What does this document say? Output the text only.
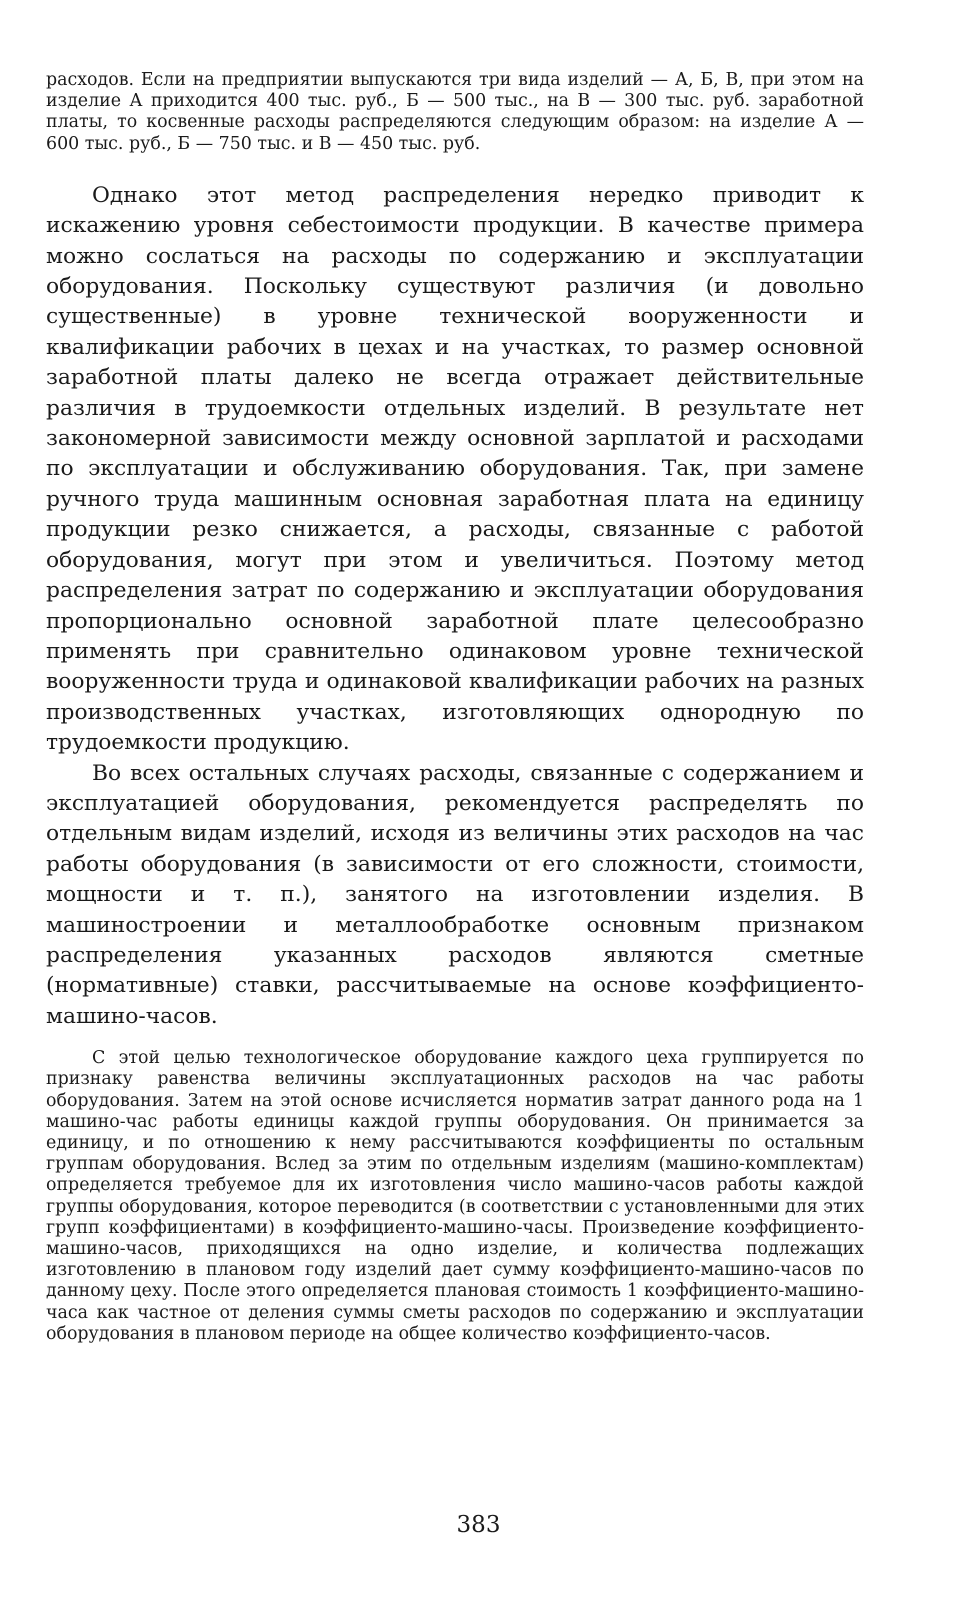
расходов. Если на предприятии выпускаются три вида изделий — А, Б, В, при этом на изделие А приходится 400 тыс. руб., Б — 500 тыс., на В — 300 тыс. руб. заработной платы, то косвенные расходы распределяются следующим образом: на изделие А — 600 тыс. руб., Б — 750 тыс. и В — 450 тыс. руб.

Однако этот метод распределения нередко приводит к искажению уровня себестоимости продукции. В качестве примера можно сослаться на расходы по содержанию и эксплуатации оборудования. Поскольку существуют различия (и довольно существенные) в уровне технической вооруженности и квалификации рабочих в цехах и на участках, то размер основной заработной платы далеко не всегда отражает действительные различия в трудоемкости отдельных изделий. В результате нет закономерной зависимости между основной зарплатой и расходами по эксплуатации и обслуживанию оборудования. Так, при замене ручного труда машинным основная заработная плата на единицу продукции резко снижается, а расходы, связанные с работой оборудования, могут при этом и увеличиться. Поэтому метод распределения затрат по содержанию и эксплуатации оборудования пропорционально основной заработной плате целесообразно применять при сравнительно одинаковом уровне технической вооруженности труда и одинаковой квалификации рабочих на разных производственных участках, изготовляющих однородную по трудоемкости продукцию.

Во всех остальных случаях расходы, связанные с содержанием и эксплуатацией оборудования, рекомендуется распределять по отдельным видам изделий, исходя из величины этих расходов на час работы оборудования (в зависимости от его сложности, стоимости, мощности и т. п.), занятого на изготовлении изделия. В машиностроении и металлообработке основным признаком распределения указанных расходов являются сметные (нормативные) ставки, рассчитываемые на основе коэффициенто-машино-часов.

С этой целью технологическое оборудование каждого цеха группируется по признаку равенства величины эксплуатационных расходов на час работы оборудования. Затем на этой основе исчисляется норматив затрат данного рода на 1 машино-час работы единицы каждой группы оборудования. Он принимается за единицу, и по отношению к нему рассчитываются коэффициенты по остальным группам оборудования. Вслед за этим по отдельным изделиям (машино-комплектам) определяется требуемое для их изготовления число машино-часов работы каждой группы оборудования, которое переводится (в соответствии с установленными для этих групп коэффициентами) в коэффициенто-машино-часы. Произведение коэффициенто-машино-часов, приходящихся на одно изделие, и количества подлежащих изготовлению в плановом году изделий дает сумму коэффициенто-машино-часов по данному цеху. После этого определяется плановая стоимость 1 коэффициенто-машино-часа как частное от деления суммы сметы расходов по содержанию и эксплуатации оборудования в плановом периоде на общее количество коэффициенто-часов.

383
